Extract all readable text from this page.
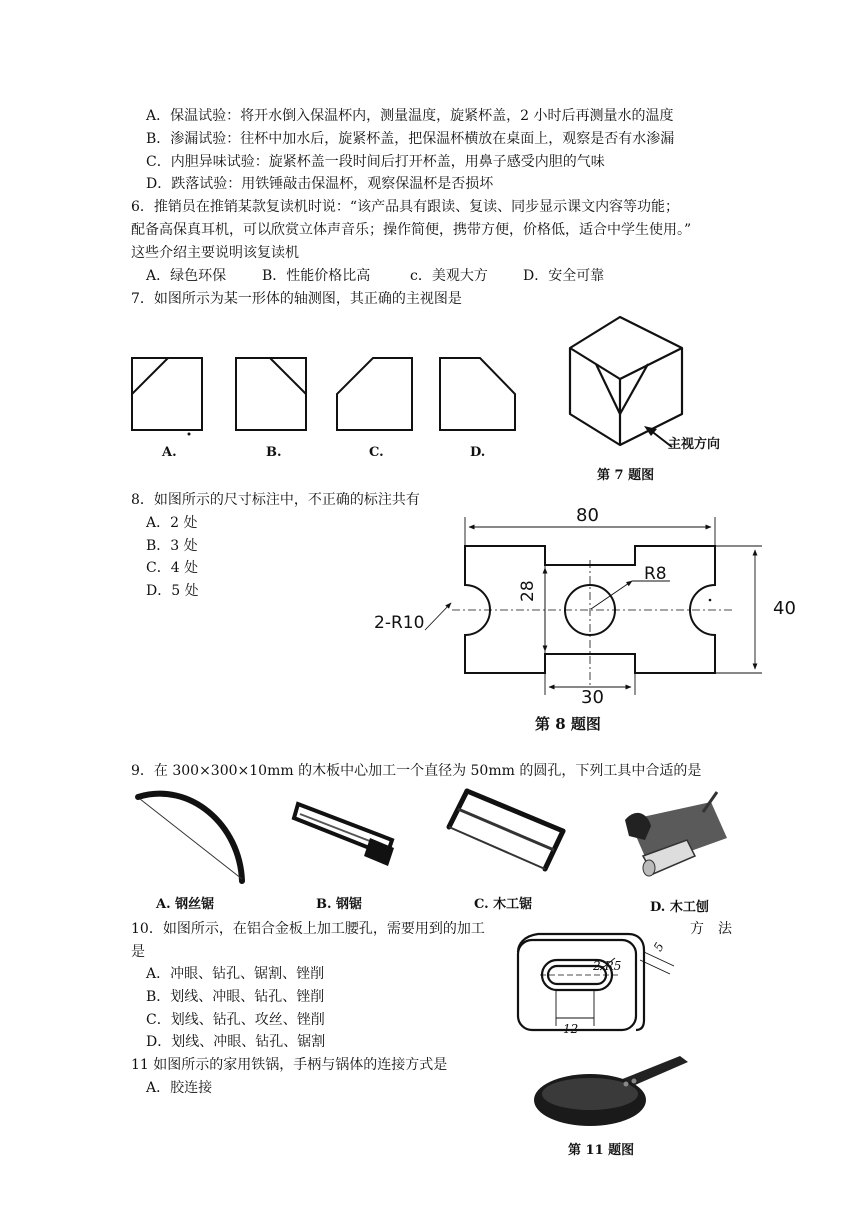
A．保温试验：将开水倒入保温杯内，测量温度，旋紧杯盖，2 小时后再测量水的温度
B．渗漏试验：往杯中加水后，旋紧杯盖，把保温杯横放在桌面上，观察是否有水渗漏
C．内胆异味试验：旋紧杯盖一段时间后打开杯盖，用鼻子感受内胆的气味
D．跌落试验：用铁锤敲击保温杯，观察保温杯是否损坏
6．推销员在推销某款复读机时说：“该产品具有跟读、复读、同步显示课文内容等功能；
配备高保真耳机，可以欣赏立体声音乐；操作简便，携带方便，价格低，适合中学生使用。”
这些介绍主要说明该复读机
A．绿色环保	B．性能价格比高	c．美观大方	D．安全可靠
7．如图所示为某一形体的轴测图，其正确的主视图是
A.	B.	C.	D.
主视方向
第 7 题图
8．如图所示的尺寸标注中，不正确的标注共有
A．2 处
B．3 处
C．4 处
D．5 处
80
40
28
30
R8
2-R10
第 8 题图
9．在 300×300×10mm 的木板中心加工一个直径为 50mm 的圆孔，下列工具中合适的是
A. 钢丝锯	B. 钢锯	C. 木工锯	D. 木工刨
10．如图所示，在铝合金板上加工腰孔，需要用到的加工	方　法
是
A．冲眼、钻孔、锯割、锉削
B．划线、冲眼、钻孔、锉削
C．划线、钻孔、攻丝、锉削
D．划线、冲眼、钻孔、锯割
2-R5
5
12
11 如图所示的家用铁锅，手柄与锅体的连接方式是
A．胶连接
第 11 题图
